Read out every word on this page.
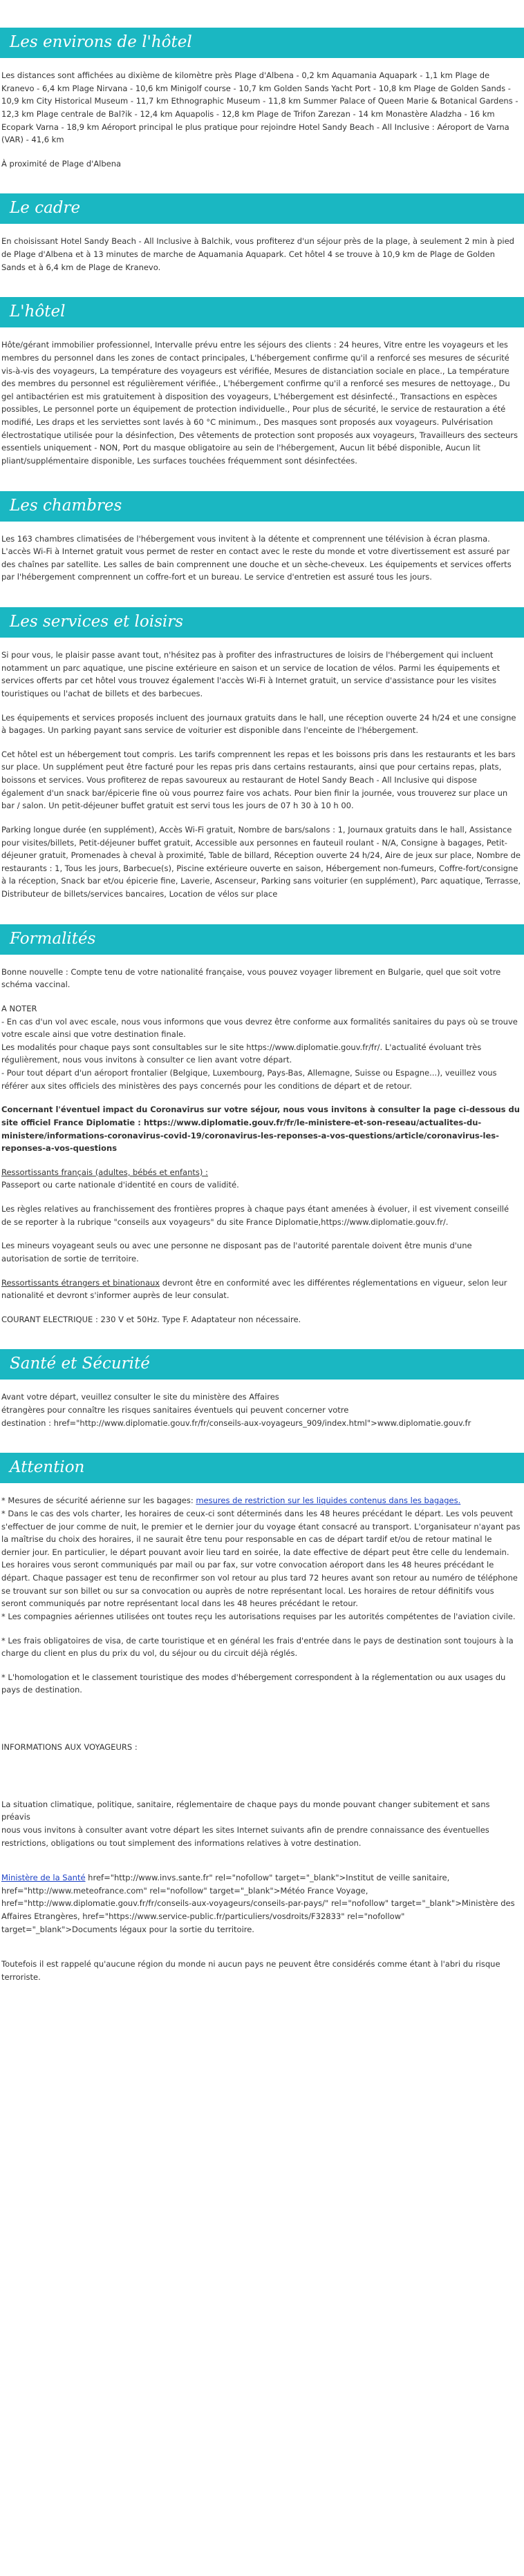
Les environs de l'hôtel

Les distances sont affichées au dixième de kilomètre près Plage d'Albena - 0,2 km Aquamania Aquapark - 1,1 km Plage de Kranevo - 6,4 km Plage Nirvana - 10,6 km Minigolf course - 10,7 km Golden Sands Yacht Port - 10,8 km Plage de Golden Sands - 10,9 km City Historical Museum - 11,7 km Ethnographic Museum - 11,8 km Summer Palace of Queen Marie & Botanical Gardens - 12,3 km Plage centrale de Bal?ik - 12,4 km Aquapolis - 12,8 km Plage de Trifon Zarezan - 14 km Monastère Aladzha - 16 km Ecopark Varna - 18,9 km Aéroport principal le plus pratique pour rejoindre Hotel Sandy Beach - All Inclusive : Aéroport de Varna (VAR) - 41,6 km

À proximité de Plage d'Albena

Le cadre

En choisissant Hotel Sandy Beach - All Inclusive à Balchik, vous profiterez d'un séjour près de la plage, à seulement 2 min à pied de Plage d'Albena et à 13 minutes de marche de Aquamania Aquapark. Cet hôtel 4 se trouve à 10,9 km de Plage de Golden Sands et à 6,4 km de Plage de Kranevo.

L'hôtel

Hôte/gérant immobilier professionnel, Intervalle prévu entre les séjours des clients : 24 heures, Vitre entre les voyageurs et les membres du personnel dans les zones de contact principales, L'hébergement confirme qu'il a renforcé ses mesures de sécurité vis-à-vis des voyageurs, La température des voyageurs est vérifiée, Mesures de distanciation sociale en place., La température des membres du personnel est régulièrement vérifiée., L'hébergement confirme qu'il a renforcé ses mesures de nettoyage., Du gel antibactérien est mis gratuitement à disposition des voyageurs, L'hébergement est désinfecté., Transactions en espèces possibles, Le personnel porte un équipement de protection individuelle., Pour plus de sécurité, le service de restauration a été modifié, Les draps et les serviettes sont lavés à 60 °C minimum., Des masques sont proposés aux voyageurs. Pulvérisation électrostatique utilisée pour la désinfection, Des vêtements de protection sont proposés aux voyageurs, Travailleurs des secteurs essentiels uniquement - NON, Port du masque obligatoire au sein de l'hébergement, Aucun lit bébé disponible, Aucun lit pliant/supplémentaire disponible, Les surfaces touchées fréquemment sont désinfectées.

Les chambres

Les 163 chambres climatisées de l'hébergement vous invitent à la détente et comprennent une télévision à écran plasma. L'accès Wi-Fi à Internet gratuit vous permet de rester en contact avec le reste du monde et votre divertissement est assuré par des chaînes par satellite. Les salles de bain comprennent une douche et un sèche-cheveux. Les équipements et services offerts par l'hébergement comprennent un coffre-fort et un bureau. Le service d'entretien est assuré tous les jours.

Les services et loisirs

Si pour vous, le plaisir passe avant tout, n'hésitez pas à profiter des infrastructures de loisirs de l'hébergement qui incluent notamment un parc aquatique, une piscine extérieure en saison et un service de location de vélos. Parmi les équipements et services offerts par cet hôtel vous trouvez également l'accès Wi-Fi à Internet gratuit, un service d'assistance pour les visites touristiques ou l'achat de billets et des barbecues.

Les équipements et services proposés incluent des journaux gratuits dans le hall, une réception ouverte 24 h/24 et une consigne à bagages. Un parking payant sans service de voiturier est disponible dans l'enceinte de l'hébergement.

Cet hôtel est un hébergement tout compris. Les tarifs comprennent les repas et les boissons pris dans les restaurants et les bars sur place. Un supplément peut être facturé pour les repas pris dans certains restaurants, ainsi que pour certains repas, plats, boissons et services. Vous profiterez de repas savoureux au restaurant de Hotel Sandy Beach - All Inclusive qui dispose également d'un snack bar/épicerie fine où vous pourrez faire vos achats. Pour bien finir la journée, vous trouverez sur place un bar / salon. Un petit-déjeuner buffet gratuit est servi tous les jours de 07 h 30 à 10 h 00.

Parking longue durée (en supplément), Accès Wi-Fi gratuit, Nombre de bars/salons : 1, Journaux gratuits dans le hall, Assistance pour visites/billets, Petit-déjeuner buffet gratuit, Accessible aux personnes en fauteuil roulant - N/A, Consigne à bagages, Petit-déjeuner gratuit, Promenades à cheval à proximité, Table de billard, Réception ouverte 24 h/24, Aire de jeux sur place, Nombre de restaurants : 1, Tous les jours, Barbecue(s), Piscine extérieure ouverte en saison, Hébergement non-fumeurs, Coffre-fort/consigne à la réception, Snack bar et/ou épicerie fine, Laverie, Ascenseur, Parking sans voiturier (en supplément), Parc aquatique, Terrasse, Distributeur de billets/services bancaires, Location de vélos sur place

Formalités

Bonne nouvelle : Compte tenu de votre nationalité française, vous pouvez voyager librement en Bulgarie, quel que soit votre schéma vaccinal.

A NOTER

- En cas d'un vol avec escale, nous vous informons que vous devrez être conforme aux formalités sanitaires du pays où se trouve votre escale ainsi que votre destination finale.

Les modalités pour chaque pays sont consultables sur le site https://www.diplomatie.gouv.fr/fr/. L'actualité évoluant très régulièrement, nous vous invitons à consulter ce lien avant votre départ.

- Pour tout départ d'un aéroport frontalier (Belgique, Luxembourg, Pays-Bas, Allemagne, Suisse ou Espagne...), veuillez vous référer aux sites officiels des ministères des pays concernés pour les conditions de départ et de retour.

Concernant l'éventuel impact du Coronavirus sur votre séjour, nous vous invitons à consulter la page ci-dessous du site officiel France Diplomatie : https://www.diplomatie.gouv.fr/fr/le-ministere-et-son-reseau/actualites-du-ministere/informations-coronavirus-covid-19/coronavirus-les-reponses-a-vos-questions/article/coronavirus-les-reponses-a-vos-questions

Ressortissants français (adultes, bébés et enfants) :

Passeport ou carte nationale d'identité en cours de validité.

Les règles relatives au franchissement des frontières propres à chaque pays étant amenées à évoluer, il est vivement conseillé de se reporter à la rubrique "conseils aux voyageurs" du site France Diplomatie,https://www.diplomatie.gouv.fr/.

Les mineurs voyageant seuls ou avec une personne ne disposant pas de l'autorité parentale doivent être munis d'une autorisation de sortie de territoire.

Ressortissants étrangers et binationaux devront être en conformité avec les différentes réglementations en vigueur, selon leur nationalité et devront s'informer auprès de leur consulat.

COURANT ELECTRIQUE : 230 V et 50Hz. Type F. Adaptateur non nécessaire.

Santé et Sécurité

Avant votre départ, veuillez consulter le site du ministère des Affaires

étrangères pour connaître les risques sanitaires éventuels qui peuvent concerner votre

destination : href="http://www.diplomatie.gouv.fr/fr/conseils-aux-voyageurs_909/index.html">www.diplomatie.gouv.fr

Attention

* Mesures de sécurité aérienne sur les bagages: mesures de restriction sur les liquides contenus dans les bagages.

* Dans le cas des vols charter, les horaires de ceux-ci sont déterminés dans les 48 heures précédant le départ. Les vols peuvent s'effectuer de jour comme de nuit, le premier et le dernier jour du voyage étant consacré au transport. L'organisateur n'ayant pas la maîtrise du choix des horaires, il ne saurait être tenu pour responsable en cas de départ tardif et/ou de retour matinal le dernier jour. En particulier, le départ pouvant avoir lieu tard en soirée, la date effective de départ peut être celle du lendemain. Les horaires vous seront communiqués par mail ou par fax, sur votre convocation aéroport dans les 48 heures précédant le départ. Chaque passager est tenu de reconfirmer son vol retour au plus tard 72 heures avant son retour au numéro de téléphone se trouvant sur son billet ou sur sa convocation ou auprès de notre représentant local. Les horaires de retour définitifs vous seront communiqués par notre représentant local dans les 48 heures précédant le retour.

* Les compagnies aériennes utilisées ont toutes reçu les autorisations requises par les autorités compétentes de l'aviation civile.

* Les frais obligatoires de visa, de carte touristique et en général les frais d'entrée dans le pays de destination sont toujours à la charge du client en plus du prix du vol, du séjour ou du circuit déjà réglés.

* L'homologation et le classement touristique des modes d'hébergement correspondent à la réglementation ou aux usages du pays de destination.

INFORMATIONS AUX VOYAGEURS :

La situation climatique, politique, sanitaire, réglementaire de chaque pays du monde pouvant changer subitement et sans préavis

nous vous invitons à consulter avant votre départ les sites Internet suivants afin de prendre connaissance des éventuelles restrictions, obligations ou tout simplement des informations relatives à votre destination.

Ministère de la Santé href="http://www.invs.sante.fr" rel="nofollow" target="_blank">Institut de veille sanitaire, href="http://www.meteofrance.com" rel="nofollow" target="_blank">Météo France Voyage, href="http://www.diplomatie.gouv.fr/fr/conseils-aux-voyageurs/conseils-par-pays/" rel="nofollow" target="_blank">Ministère des Affaires Etrangères, href="https://www.service-public.fr/particuliers/vosdroits/F32833" rel="nofollow" target="_blank">Documents légaux pour la sortie du territoire.

Toutefois il est rappelé qu'aucune région du monde ni aucun pays ne peuvent être considérés comme étant à l'abri du risque terroriste.
